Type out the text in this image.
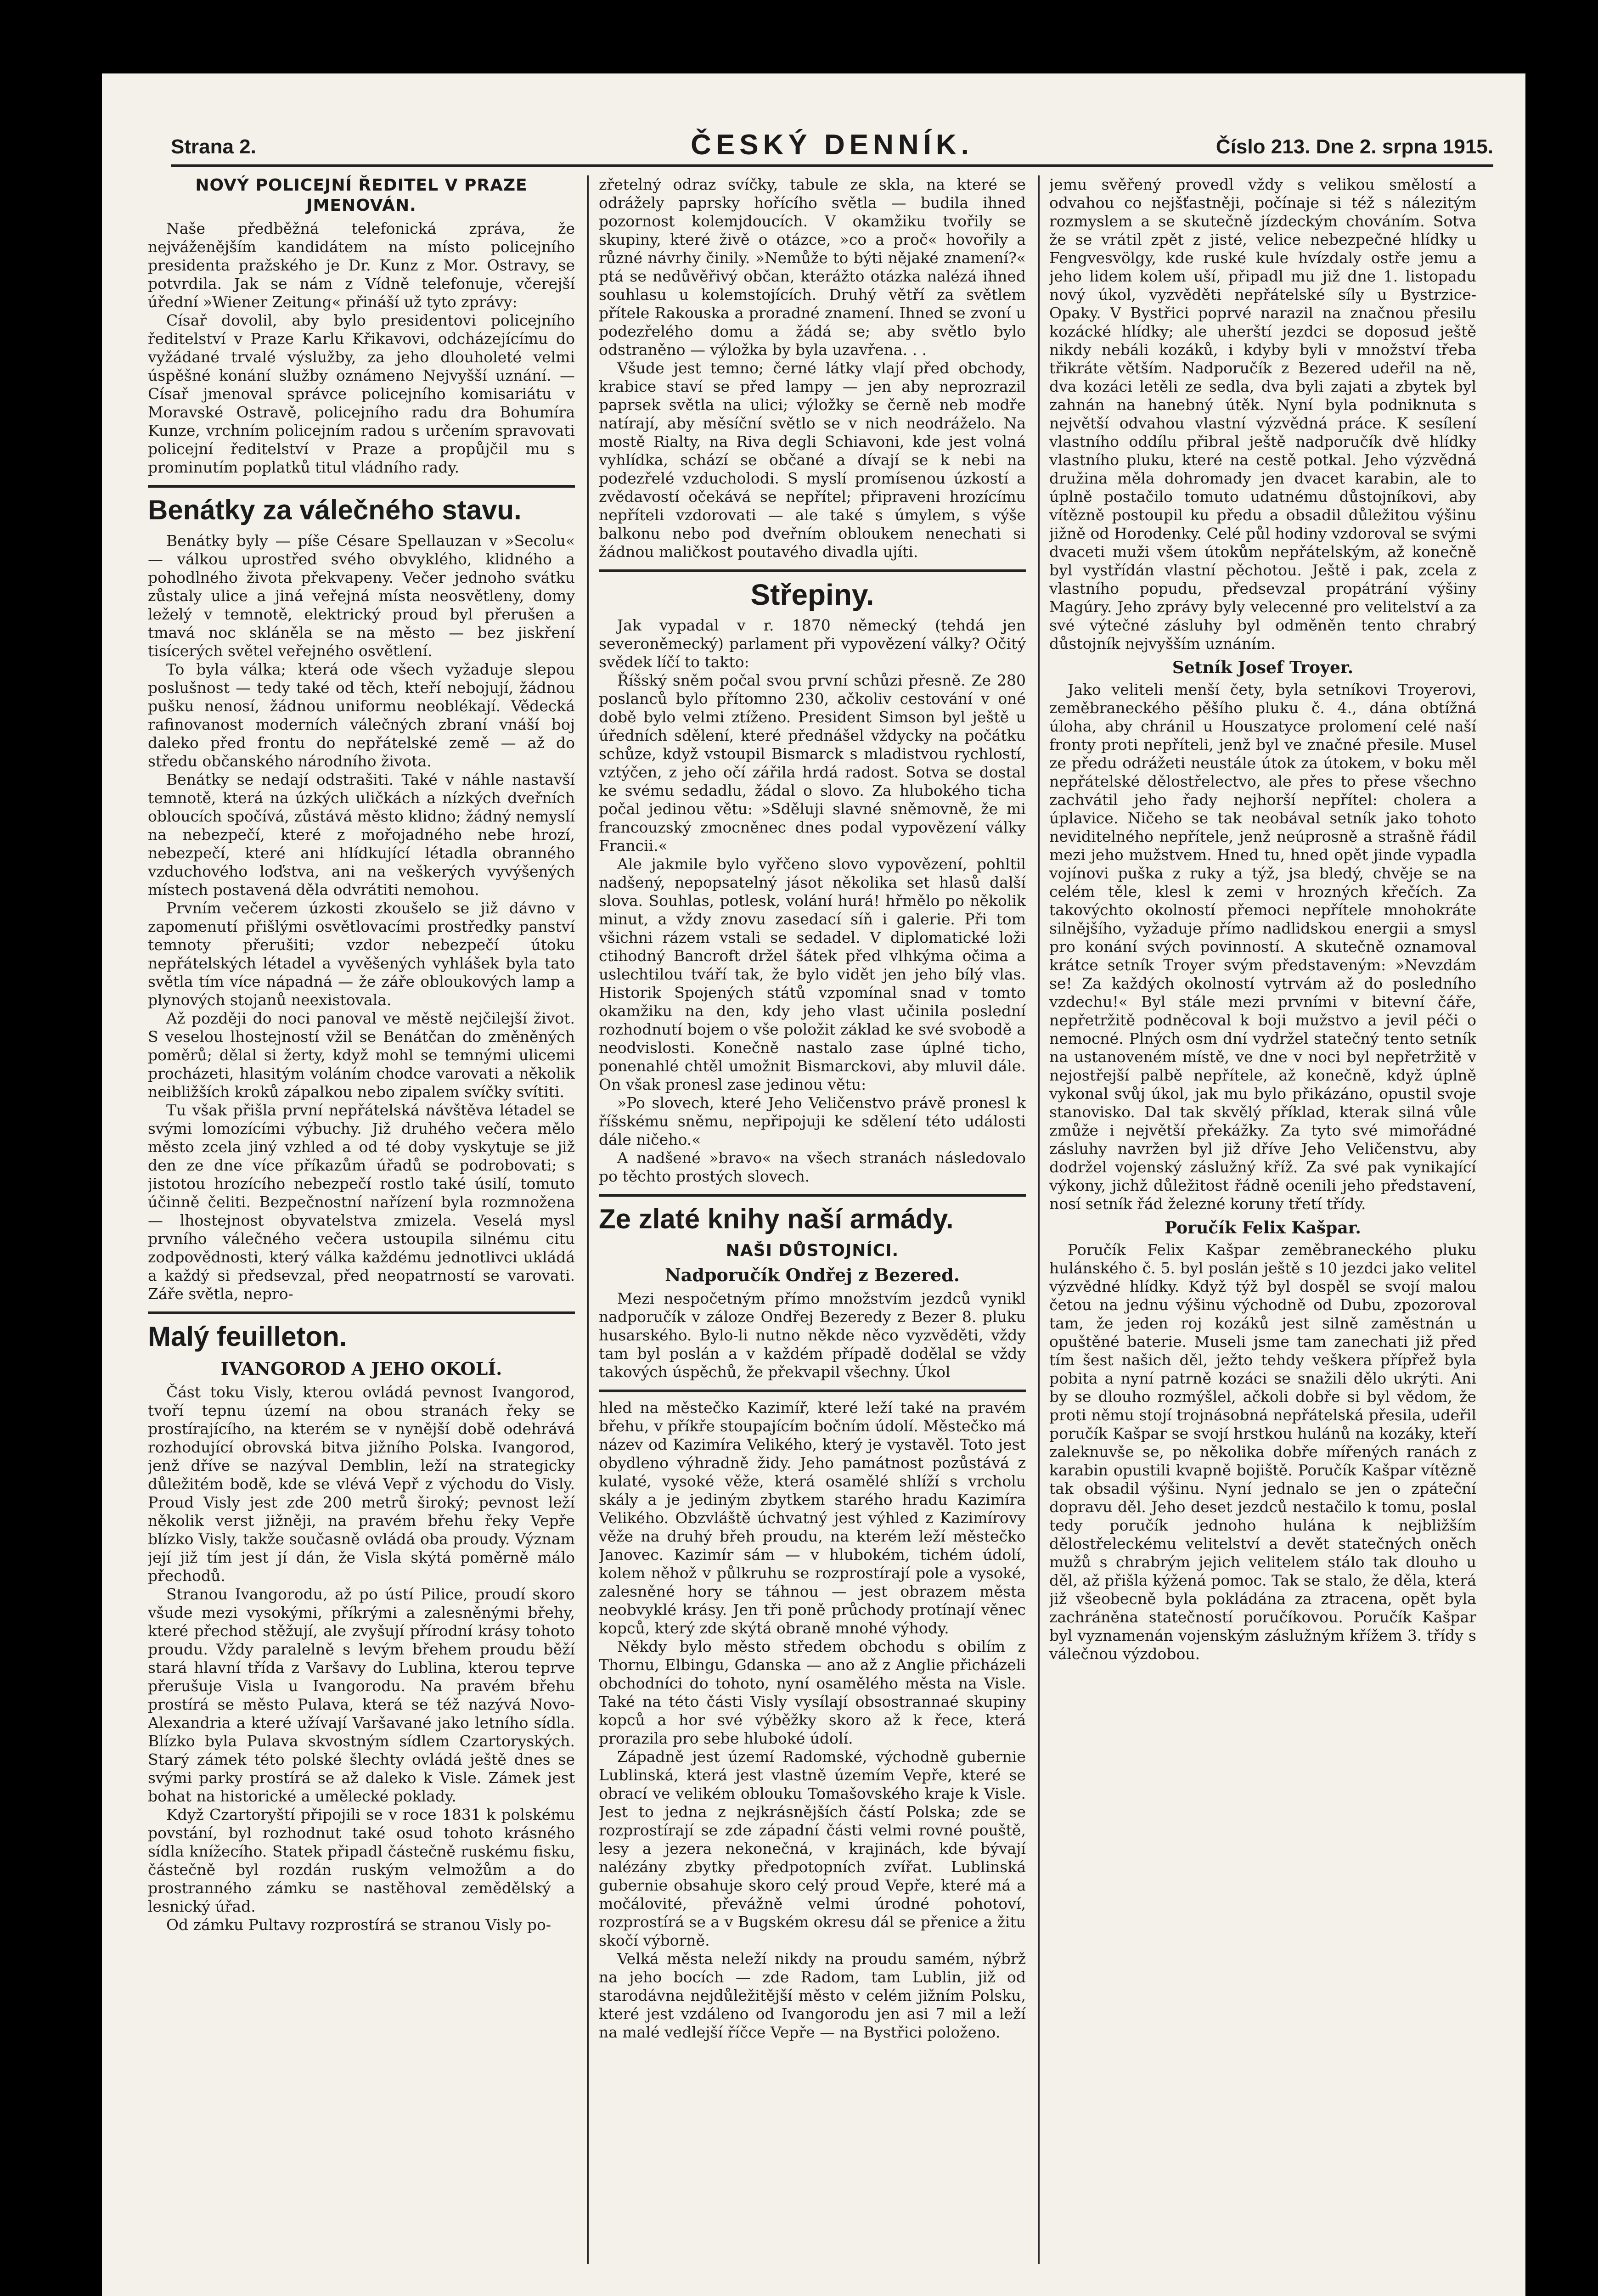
Strana 2.	ČESKÝ DENNÍK.	Číslo 213. Dne 2. srpna 1915.
NOVÝ POLICEJNÍ ŘEDITEL V PRAZE JMENOVÁN.

Naše předběžná telefonická zpráva, že nejváženějším kandidátem na místo policejního presidenta pražského je Dr. Kunz z Mor. Ostravy, se potvrdila. Jak se nám z Vídně telefonuje, včerejší úřední »Wiener Zeitung« přináší už tyto zprávy:

Císař dovolil, aby bylo presidentovi policejního ředitelství v Praze Karlu Křikavovi, odcházejícímu do vyžádané trvalé výslužby, za jeho dlouholeté velmi úspěšné konání služby oznámeno Nejvyšší uznání. — Císař jmenoval správce policejního komisariátu v Moravské Ostravě, policejního radu dra Bohumíra Kunze, vrchním policejním radou s určením spravovati policejní ředitelství v Praze a propůjčil mu s prominutím poplatků titul vládního rady.

Benátky za válečného stavu.

Benátky byly — píše Césare Spellauzan v »Secolu« — válkou uprostřed svého obvyklého, klidného a pohodlného života překvapeny. Večer jednoho svátku zůstaly ulice a jiná veřejná místa neosvětleny, domy leželý v temnotě, elektrický proud byl přerušen a tmavá noc skláněla se na město — bez jiskření tisícerých světel veřejného osvětlení.

To byla válka; která ode všech vyžaduje slepou poslušnost — tedy také od těch, kteří nebojují, žádnou pušku nenosí, žádnou uniformu neoblékají. Vědecká rafinovanost moderních válečných zbraní vnáší boj daleko před frontu do nepřátelské země — až do středu občanského národního života.

Benátky se nedají odstrašiti. Také v náhle nastavší temnotě, která na úzkých uličkách a nízkých dveřních obloucích spočívá, zůstává město klidno; žádný nemyslí na nebezpečí, které z mořojadného nebe hrozí, nebezpečí, které ani hlídkující létadla obranného vzduchového loďstva, ani na veškerých vyvýšených místech postavená děla odvrátiti nemohou.

Prvním večerem úzkosti zkoušelo se již dávno v zapomenutí přišlými osvětlovacími prostředky panství temnoty přerušiti; vzdor nebezpečí útoku nepřátelských létadel a vyvěšených vyhlášek byla tato světla tím více nápadná — že záře obloukových lamp a plynových stojanů neexistovala.

Až později do noci panoval ve městě nejčilejší život. S veselou lhostejností vžil se Benátčan do změněných poměrů; dělal si žerty, když mohl se temnými ulicemi procházeti, hlasitým voláním chodce varovati a několik neibližších kroků zápalkou nebo zipalem svíčky svítiti.

Tu však přišla první nepřátelská návštěva létadel se svými lomozícími výbuchy. Již druhého večera mělo město zcela jiný vzhled a od té doby vyskytuje se již den ze dne více příkazům úřadů se podrobovati; s jistotou hrozícího nebezpečí rostlo také úsilí, tomuto účinně čeliti. Bezpečnostní nařízení byla rozmnožena — lhostejnost obyvatelstva zmizela. Veselá mysl prvního válečného večera ustoupila silnému citu zodpovědnosti, který válka každému jednotlivci ukládá a každý si předsevzal, před neopatrností se varovati. Záře světla, nepro-

Malý feuilleton.
IVANGOROD A JEHO OKOLÍ.

Část toku Visly, kterou ovládá pevnost Ivangorod, tvoří tepnu území na obou stranách řeky se prostírajícího, na kterém se v nynější době odehrává rozhodující obrovská bitva jižního Polska. Ivangorod, jenž dříve se nazýval Demblin, leží na strategicky důležitém bodě, kde se vlévá Vepř z východu do Visly. Proud Visly jest zde 200 metrů široký; pevnost leží několik verst jižněji, na pravém břehu řeky Vepře blízko Visly, takže současně ovládá oba proudy. Význam její již tím jest jí dán, že Visla skýtá poměrně málo přechodů.

Stranou Ivangorodu, až po ústí Pilice, proudí skoro všude mezi vysokými, příkrými a zalesněnými břehy, které přechod stěžují, ale zvyšují přírodní krásy tohoto proudu. Vždy paralelně s levým břehem proudu běží stará hlavní třída z Varšavy do Lublina, kterou teprve přerušuje Visla u Ivangorodu. Na pravém břehu prostírá se město Pulava, která se též nazývá Novo-Alexandria a které užívají Varšavané jako letního sídla. Blízko byla Pulava skvostným sídlem Czartoryských. Starý zámek této polské šlechty ovládá ještě dnes se svými parky prostírá se až daleko k Visle. Zámek jest bohat na historické a umělecké poklady.

Když Czartoryští připojili se v roce 1831 k polskému povstání, byl rozhodnut také osud tohoto krásného sídla knížecího. Statek připadl částečně ruskému fisku, částečně byl rozdán ruským velmožům a do prostranného zámku se nastěhoval zemědělský a lesnický úřad.

Od zámku Pultavy rozprostírá se stranou Visly po-

zřetelný odraz svíčky, tabule ze skla, na které se odrážely paprsky hořícího světla — budila ihned pozornost kolemjdoucích. V okamžiku tvořily se skupiny, které živě o otázce, »co a proč« hovořily a různé návrhy činily. »Nemůže to býti nějaké znamení?« ptá se nedůvěřivý občan, kterážto otázka nalézá ihned souhlasu u kolemstojících. Druhý větří za světlem přítele Rakouska a proradné znamení. Ihned se zvoní u podezřelého domu a žádá se; aby světlo bylo odstraněno — výložka by byla uzavřena. . .

Všude jest temno; černé látky vlají před obchody, krabice staví se před lampy — jen aby neprozrazil paprsek světla na ulici; výložky se černě neb modře natírají, aby měsíční světlo se v nich neodráželo. Na mostě Rialty, na Riva degli Schiavoni, kde jest volná vyhlídka, schází se občané a dívají se k nebi na podezřelé vzducholodi. S myslí promísenou úzkostí a zvědavostí očekává se nepřítel; připraveni hrozícímu nepříteli vzdorovati — ale také s úmylem, s výše balkonu nebo pod dveřním obloukem nenechati si žádnou maličkost poutavého divadla ujíti.

Střepiny.

Jak vypadal v r. 1870 německý (tehdá jen severoněmecký) parlament při vypovězení války? Očitý svědek líčí to takto:

Říšský sněm počal svou první schůzi přesně. Ze 280 poslanců bylo přítomno 230, ačkoliv cestování v oné době bylo velmi ztíženo. President Simson byl ještě u úředních sdělení, které přednášel vždycky na počátku schůze, když vstoupil Bismarck s mladistvou rychlostí, vztýčen, z jeho očí zářila hrdá radost. Sotva se dostal ke svému sedadlu, žádal o slovo. Za hlubokého ticha počal jedinou větu: »Sděluji slavné sněmovně, že mi francouzský zmocněnec dnes podal vypovězení války Francii.«

Ale jakmile bylo vyřčeno slovo vypovězení, pohltil nadšený, nepopsatelný jásot několika set hlasů další slova. Souhlas, potlesk, volání hurá! hřmělo po několik minut, a vždy znovu zasedací síň i galerie. Při tom všichni rázem vstali se sedadel. V diplomatické loži ctihodný Bancroft držel šátek před vlhkýma očima a uslechtilou tváří tak, že bylo vidět jen jeho bílý vlas. Historik Spojených států vzpomínal snad v tomto okamžiku na den, kdy jeho vlast učinila poslední rozhodnutí bojem o vše položit základ ke své svobodě a neodvislosti. Konečně nastalo zase úplné ticho, ponenahlé chtěl umožnit Bismarckovi, aby mluvil dále. On však pronesl zase jedinou větu:

»Po slovech, které Jeho Veličenstvo právě pronesl k říšskému sněmu, nepřipojuji ke sdělení této události dále ničeho.«

A nadšené »bravo« na všech stranách následovalo po těchto prostých slovech.

Ze zlaté knihy naší armády.
NAŠI DŮSTOJNÍCI.
Nadporučík Ondřej z Bezered.

Mezi nespočetným přímo množstvím jezdců vynikl nadporučík v záloze Ondřej Bezeredy z Bezer 8. pluku husarského. Bylo-li nutno někde něco vyzvěděti, vždy tam byl poslán a v každém případě dodělal se vždy takových úspěchů, že překvapil všechny. Úkol

hled na městečko Kazimíř, které leží také na pravém břehu, v příkře stoupajícím bočním údolí. Městečko má název od Kazimíra Velikého, který je vystavěl. Toto jest obydleno výhradně židy. Jeho památnost pozůstává z kulaté, vysoké věže, která osamělé shlíží s vrcholu skály a je jediným zbytkem starého hradu Kazimíra Velikého. Obzvláště úchvatný jest výhled z Kazimírovy věže na druhý břeh proudu, na kterém leží městečko Janovec. Kazimír sám — v hlubokém, tichém údolí, kolem něhož v půlkruhu se rozprostírají pole a vysoké, zalesněné hory se táhnou — jest obrazem města neobvyklé krásy. Jen tři poně průchody protínají věnec kopců, který zde skýtá obraně mnohé výhody.

Někdy bylo město středem obchodu s obilím z Thornu, Elbingu, Gdanska — ano až z Anglie přicházeli obchodníci do tohoto, nyní osamělého města na Visle. Také na této části Visly vysílají obsostrannaé skupiny kopců a hor své výběžky skoro až k řece, která prorazila pro sebe hluboké údolí.

Západně jest území Radomské, východně gubernie Lublinská, která jest vlastně územím Vepře, které se obrací ve velikém oblouku Tomašovského kraje k Visle. Jest to jedna z nejkrásnějších částí Polska; zde se rozprostírají se zde západní části velmi rovné pouště, lesy a jezera nekonečná, v krajinách, kde bývají nalézány zbytky předpotopních zvířat. Lublinská gubernie obsahuje skoro celý proud Vepře, které má a močálovité, převážně velmi úrodné pohotoví, rozprostírá se a v Bugském okresu dál se přenice a žitu skočí výborně.

Velká města neleží nikdy na proudu samém, nýbrž na jeho bocích — zde Radom, tam Lublin, již od starodávna nejdůležitější město v celém jižním Polsku, které jest vzdáleno od Ivangorodu jen asi 7 mil a leží na malé vedlejší říčce Vepře — na Bystřici položeno.

jemu svěřený provedl vždy s velikou smělostí a odvahou co nejšťastněji, počínaje si též s nálezitým rozmyslem a se skutečně jízdeckým chováním. Sotva že se vrátil zpět z jisté, velice nebezpečné hlídky u Fengvesvölgy, kde ruské kule hvízdaly ostře jemu a jeho lidem kolem uší, připadl mu již dne 1. listopadu nový úkol, vyzvěděti nepřátelské síly u Bystrzice-Opaky. V Bystřici poprvé narazil na značnou přesilu kozácké hlídky; ale uherští jezdci se doposud ještě nikdy nebáli kozáků, i kdyby byli v množství třeba třikráte větším. Nadporučík z Bezered udeřil na ně, dva kozáci letěli ze sedla, dva byli zajati a zbytek byl zahnán na hanebný útěk. Nyní byla podniknuta s největší odvahou vlastní výzvědná práce. K sesílení vlastního oddílu přibral ještě nadporučík dvě hlídky vlastního pluku, které na cestě potkal. Jeho výzvědná družina měla dohromady jen dvacet karabin, ale to úplně postačilo tomuto udatnému důstojníkovi, aby vítězně postoupil ku předu a obsadil důležitou výšinu jižně od Horodenky. Celé půl hodiny vzdoroval se svými dvaceti muži všem útokům nepřátelským, až konečně byl vystřídán vlastní pěchotou. Ještě i pak, zcela z vlastního popudu, předsevzal propátrání výšiny Magúry. Jeho zprávy byly velecenné pro velitelství a za své výtečné zásluhy byl odměněn tento chrabrý důstojník nejvyšším uznáním.

Setník Josef Troyer.

Jako veliteli menší čety, byla setníkovi Troyerovi, zeměbraneckého pěšího pluku č. 4., dána obtížná úloha, aby chránil u Houszatyce prolomení celé naší fronty proti nepříteli, jenž byl ve značné přesile. Musel ze předu odrážeti neustále útok za útokem, v boku měl nepřátelské dělostřelectvo, ale přes to přese všechno zachvátil jeho řady nejhorší nepřítel: cholera a úplavice. Ničeho se tak neobával setník jako tohoto neviditelného nepřítele, jenž neúprosně a strašně řádil mezi jeho mužstvem. Hned tu, hned opět jinde vypadla vojínovi puška z ruky a týž, jsa bledý, chvěje se na celém těle, klesl k zemi v hrozných křečích. Za takovýchto okolností přemoci nepřítele mnohokráte silnějšího, vyžaduje přímo nadlidskou energii a smysl pro konání svých povinností. A skutečně oznamoval krátce setník Troyer svým představeným: »Nevzdám se! Za každých okolností vytrvám až do posledního vzdechu!« Byl stále mezi prvními v bitevní čáře, nepřetržitě podněcoval k boji mužstvo a jevil péči o nemocné. Plných osm dní vydržel statečný tento setník na ustanoveném místě, ve dne v noci byl nepřetržitě v nejostřejší palbě nepřítele, až konečně, když úplně vykonal svůj úkol, jak mu bylo přikázáno, opustil svoje stanovisko. Dal tak skvělý příklad, kterak silná vůle zmůže i největší překážky. Za tyto své mimořádné zásluhy navržen byl již dříve Jeho Veličenstvu, aby dodržel vojenský záslužný kříž. Za své pak vynikající výkony, jichž důležitost řádně ocenili jeho představení, nosí setník řád železné koruny třetí třídy.

Poručík Felix Kašpar.

Poručík Felix Kašpar zeměbraneckého pluku hulánského č. 5. byl poslán ještě s 10 jezdci jako velitel výzvědné hlídky. Když týž byl dospěl se svojí malou četou na jednu výšinu východně od Dubu, zpozoroval tam, že jeden roj kozáků jest silně zaměstnán u opuštěné baterie. Museli jsme tam zanechati již před tím šest našich děl, ježto tehdy veškera přípřež byla pobita a nyní patrně kozáci se snažili dělo ukrýti. Ani by se dlouho rozmýšlel, ačkoli dobře si byl vědom, že proti němu stojí trojnásobná nepřátelská přesila, udeřil poručík Kašpar se svojí hrstkou hulánů na kozáky, kteří zaleknuvše se, po několika dobře mířených ranách z karabin opustili kvapně bojiště. Poručík Kašpar vítězně tak obsadil výšinu. Nyní jednalo se jen o zpáteční dopravu děl. Jeho deset jezdců nestačilo k tomu, poslal tedy poručík jednoho hulána k nejbližším dělostřeleckému velitelství a devět statečných oněch mužů s chrabrým jejich velitelem stálo tak dlouho u děl, až přišla kýžená pomoc. Tak se stalo, že děla, která již všeobecně byla pokládána za ztracena, opět byla zachráněna statečností poručíkovou. Poručík Kašpar byl vyznamenán vojenským záslužným křížem 3. třídy s válečnou výzdobou.
